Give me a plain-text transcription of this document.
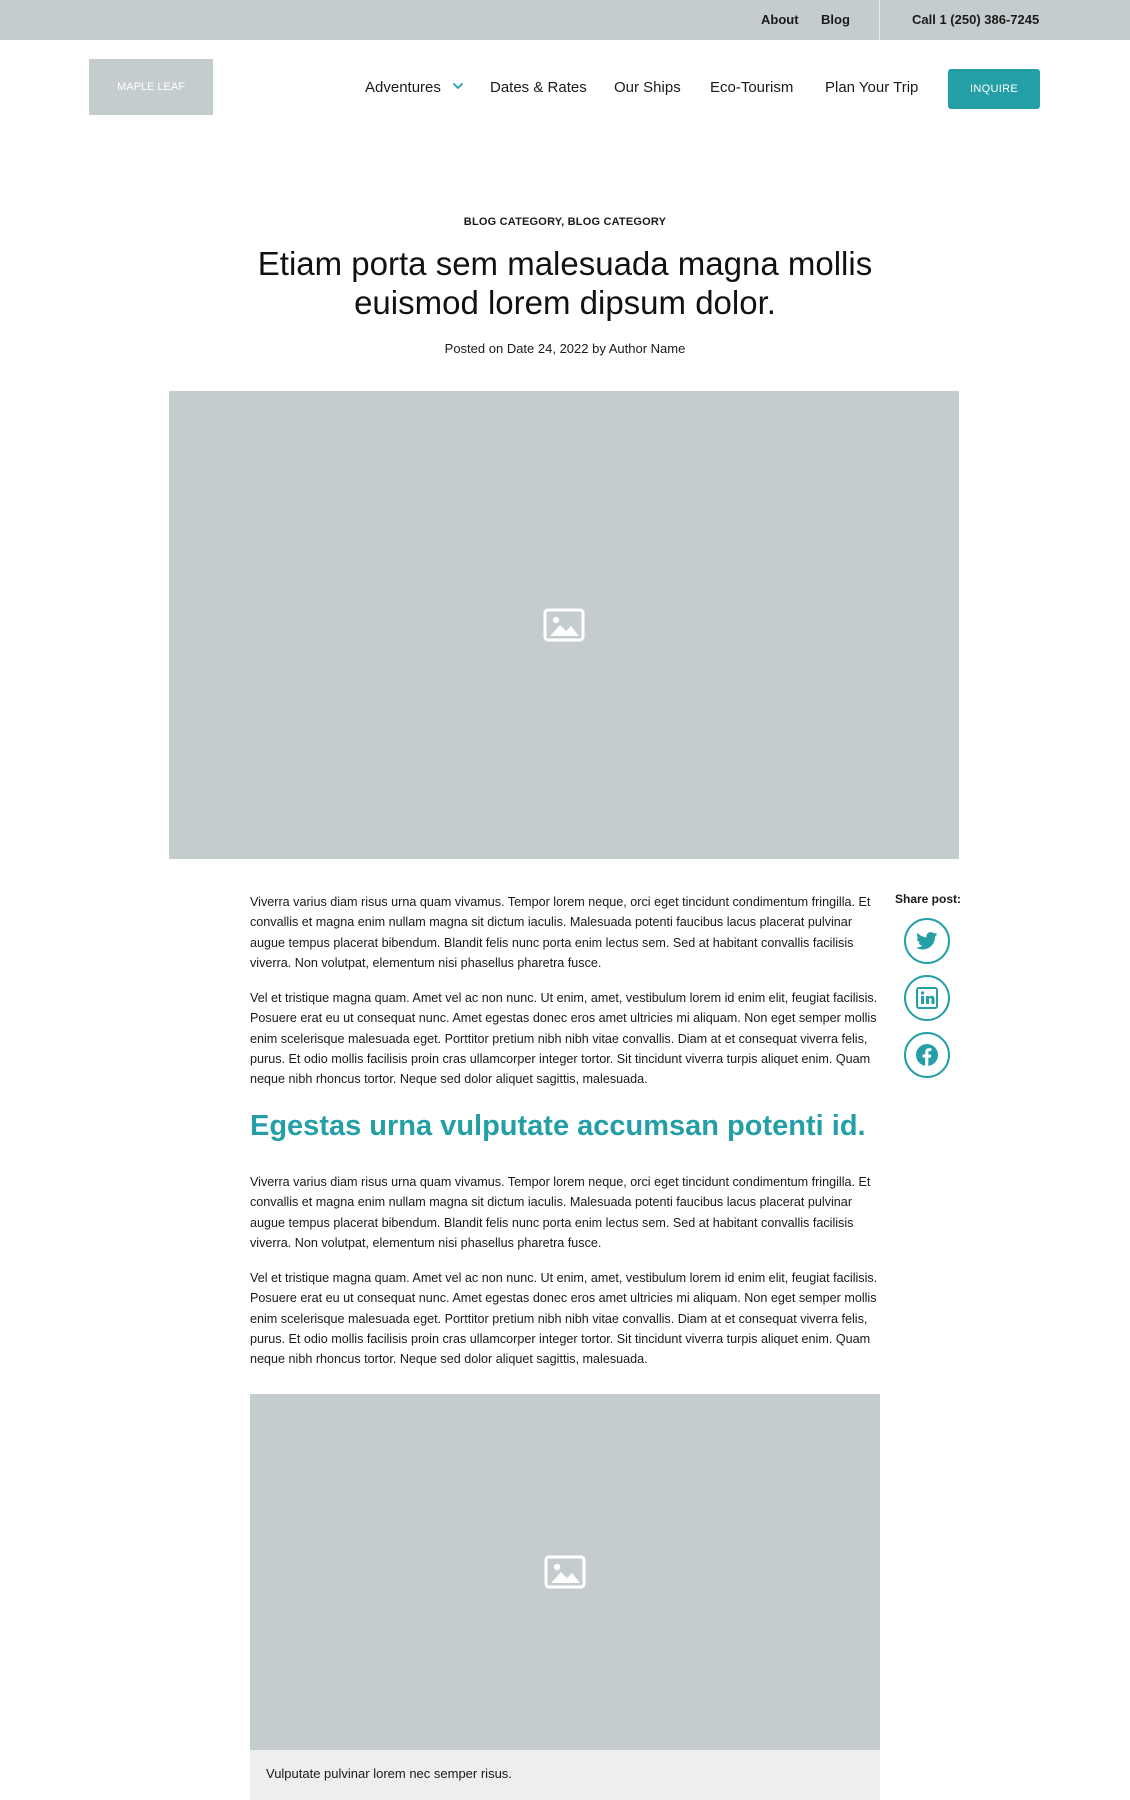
About Blog	Call 1 (250) 386-7245
MAPLE LEAF	Adventures	Dates & Rates Our Ships Eco-Tourism Plan Your Trip	INQUIRE
BLOG CATEGORY, BLOG CATEGORY
Etiam porta sem malesuada magna mollis euismod lorem dipsum dolor.
Posted on Date 24, 2022 by Author Name

Viverra varius diam risus urna quam vivamus. Tempor lorem neque, orci eget tincidunt condimentum fringilla. Et convallis et magna enim nullam magna sit dictum iaculis. Malesuada potenti faucibus lacus placerat pulvinar augue tempus placerat bibendum. Blandit felis nunc porta enim lectus sem. Sed at habitant convallis facilisis viverra. Non volutpat, elementum nisi phasellus pharetra fusce.

Vel et tristique magna quam. Amet vel ac non nunc. Ut enim, amet, vestibulum lorem id enim elit, feugiat facilisis. Posuere erat eu ut consequat nunc. Amet egestas donec eros amet ultricies mi aliquam. Non eget semper mollis enim scelerisque malesuada eget. Porttitor pretium nibh nibh vitae convallis. Diam at et consequat viverra felis, purus. Et odio mollis facilisis proin cras ullamcorper integer tortor. Sit tincidunt viverra turpis aliquet enim. Quam neque nibh rhoncus tortor. Neque sed dolor aliquet sagittis, malesuada.

Egestas urna vulputate accumsan potenti id.

Viverra varius diam risus urna quam vivamus. Tempor lorem neque, orci eget tincidunt condimentum fringilla. Et convallis et magna enim nullam magna sit dictum iaculis. Malesuada potenti faucibus lacus placerat pulvinar augue tempus placerat bibendum. Blandit felis nunc porta enim lectus sem. Sed at habitant convallis facilisis viverra. Non volutpat, elementum nisi phasellus pharetra fusce.

Vel et tristique magna quam. Amet vel ac non nunc. Ut enim, amet, vestibulum lorem id enim elit, feugiat facilisis. Posuere erat eu ut consequat nunc. Amet egestas donec eros amet ultricies mi aliquam. Non eget semper mollis enim scelerisque malesuada eget. Porttitor pretium nibh nibh vitae convallis. Diam at et consequat viverra felis, purus. Et odio mollis facilisis proin cras ullamcorper integer tortor. Sit tincidunt viverra turpis aliquet enim. Quam neque nibh rhoncus tortor. Neque sed dolor aliquet sagittis, malesuada.

Share post:
Vulputate pulvinar lorem nec semper risus.
